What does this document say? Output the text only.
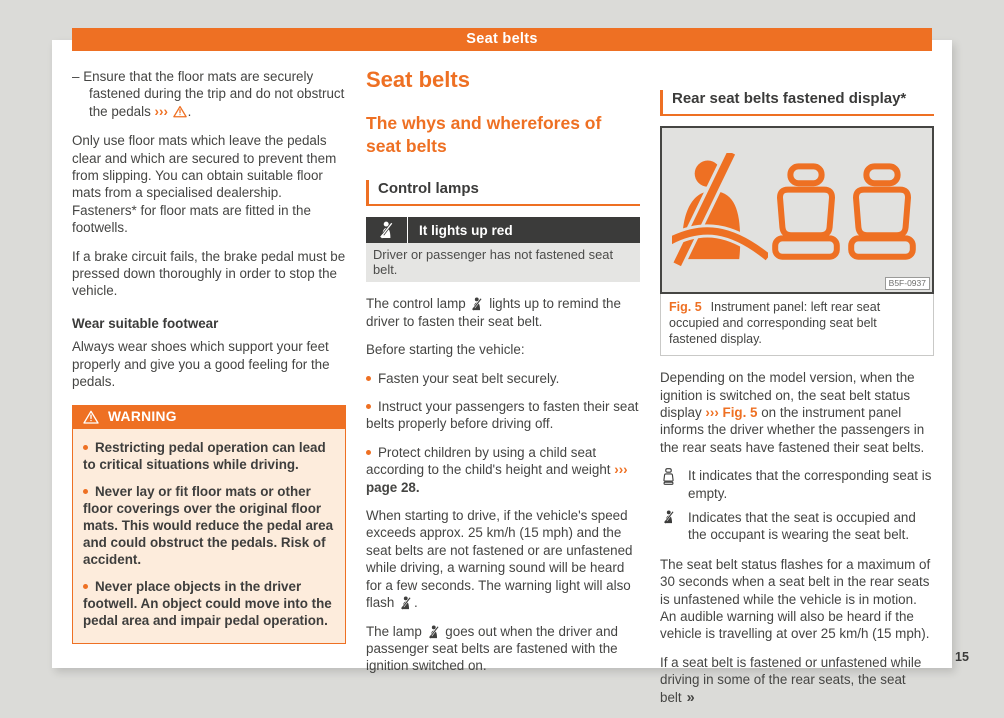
Seat belts
– Ensure that the floor mats are securely fastened during the trip and do not obstruct the pedals ››› .

Only use floor mats which leave the pedals clear and which are secured to prevent them from slipping. You can obtain suitable floor mats from a specialised dealership. Fasteners* for floor mats are fitted in the footwells.

If a brake circuit fails, the brake pedal must be pressed down thoroughly in order to stop the vehicle.

Wear suitable footwear

Always wear shoes which support your feet properly and give you a good feeling for the pedals.

WARNING

Restricting pedal operation can lead to critical situations while driving.

Never lay or fit floor mats or other floor coverings over the original floor mats. This would reduce the pedal area and could obstruct the pedals. Risk of accident.

Never place objects in the driver footwell. An object could move into the pedal area and impair pedal operation.

Seat belts
The whys and wherefores of seat belts
Control lamps
It lights up red
Driver or passenger has not fastened seat belt.

The control lamp lights up to remind the driver to fasten their seat belt.

Before starting the vehicle:

Fasten your seat belt securely.

Instruct your passengers to fasten their seat belts properly before driving off.

Protect children by using a child seat according to the child's height and weight ››› page 28.

When starting to drive, if the vehicle's speed exceeds approx. 25 km/h (15 mph) and the seat belts are not fastened or are unfastened while driving, a warning sound will be heard for a few seconds. The warning light will also flash .

The lamp goes out when the driver and passenger seat belts are fastened with the ignition switched on.

Rear seat belts fastened display*
B5F-0937
Fig. 5 Instrument panel: left rear seat occupied and corresponding seat belt fastened display.

Depending on the model version, when the ignition is switched on, the seat belt status display ››› Fig. 5 on the instrument panel informs the driver whether the passengers in the rear seats have fastened their seat belts.

It indicates that the corresponding seat is empty.
Indicates that the seat is occupied and the occupant is wearing the seat belt.

The seat belt status flashes for a maximum of 30 seconds when a seat belt in the rear seats is unfastened while the vehicle is in motion. An audible warning will also be heard if the vehicle is travelling at over 25 km/h (15 mph).

If a seat belt is fastened or unfastened while driving in some of the rear seats, the seat belt »

15
